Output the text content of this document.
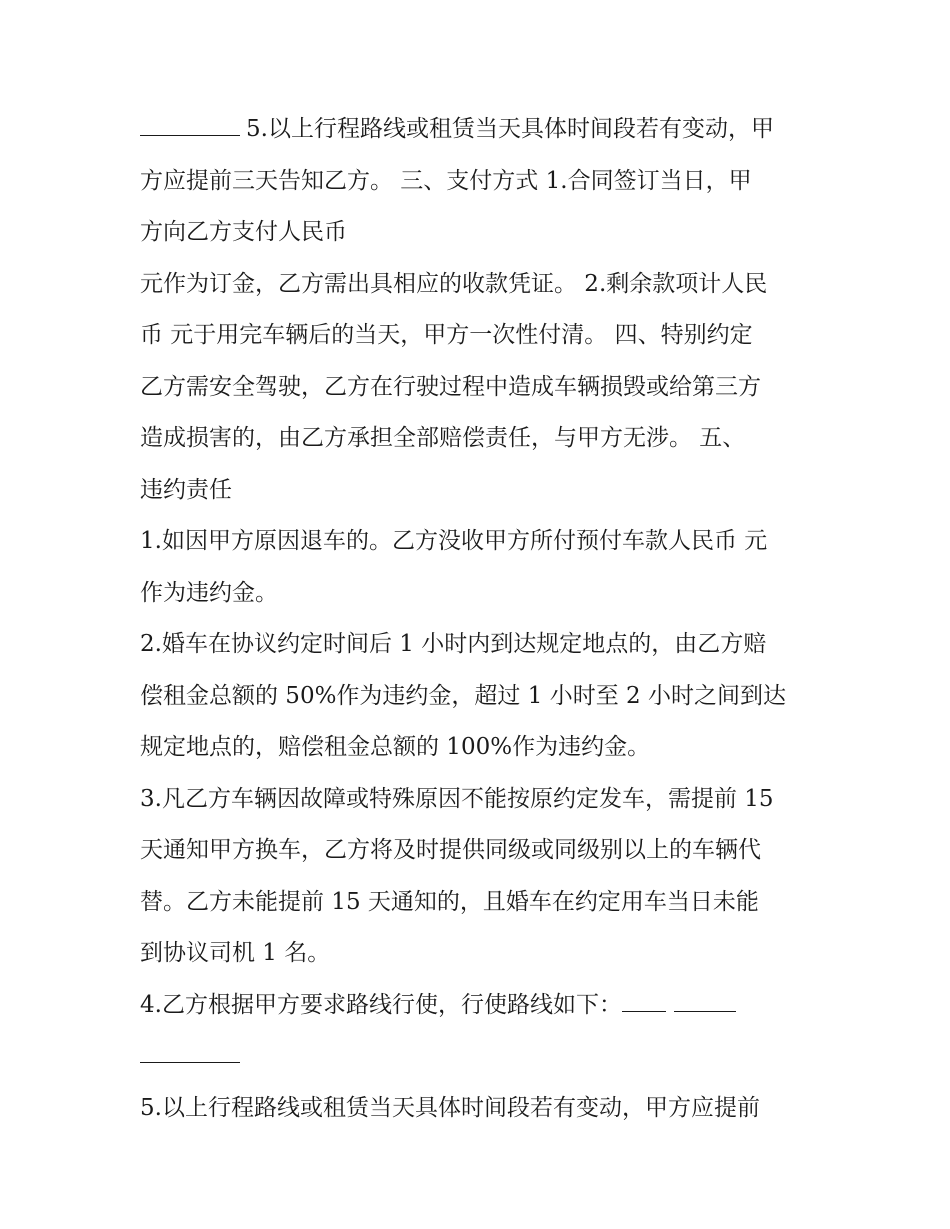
5.以上行程路线或租赁当天具体时间段若有变动，甲
方应提前三天告知乙方。 三、支付方式 1.合同签订当日，甲
方向乙方支付人民币
元作为订金，乙方需出具相应的收款凭证。 2.剩余款项计人民
币 元于用完车辆后的当天，甲方一次性付清。 四、特别约定
乙方需安全驾驶，乙方在行驶过程中造成车辆损毁或给第三方
造成损害的，由乙方承担全部赔偿责任，与甲方无涉。 五、
违约责任
1.如因甲方原因退车的。乙方没收甲方所付预付车款人民币 元
作为违约金。
2.婚车在协议约定时间后 1 小时内到达规定地点的，由乙方赔
偿租金总额的 50%作为违约金，超过 1 小时至 2 小时之间到达
规定地点的，赔偿租金总额的 100%作为违约金。
3.凡乙方车辆因故障或特殊原因不能按原约定发车，需提前 15
天通知甲方换车，乙方将及时提供同级或同级别以上的车辆代
替。乙方未能提前 15 天通知的，且婚车在约定用车当日未能
到协议司机 1 名。
4.乙方根据甲方要求路线行使，行使路线如下：
5.以上行程路线或租赁当天具体时间段若有变动，甲方应提前
